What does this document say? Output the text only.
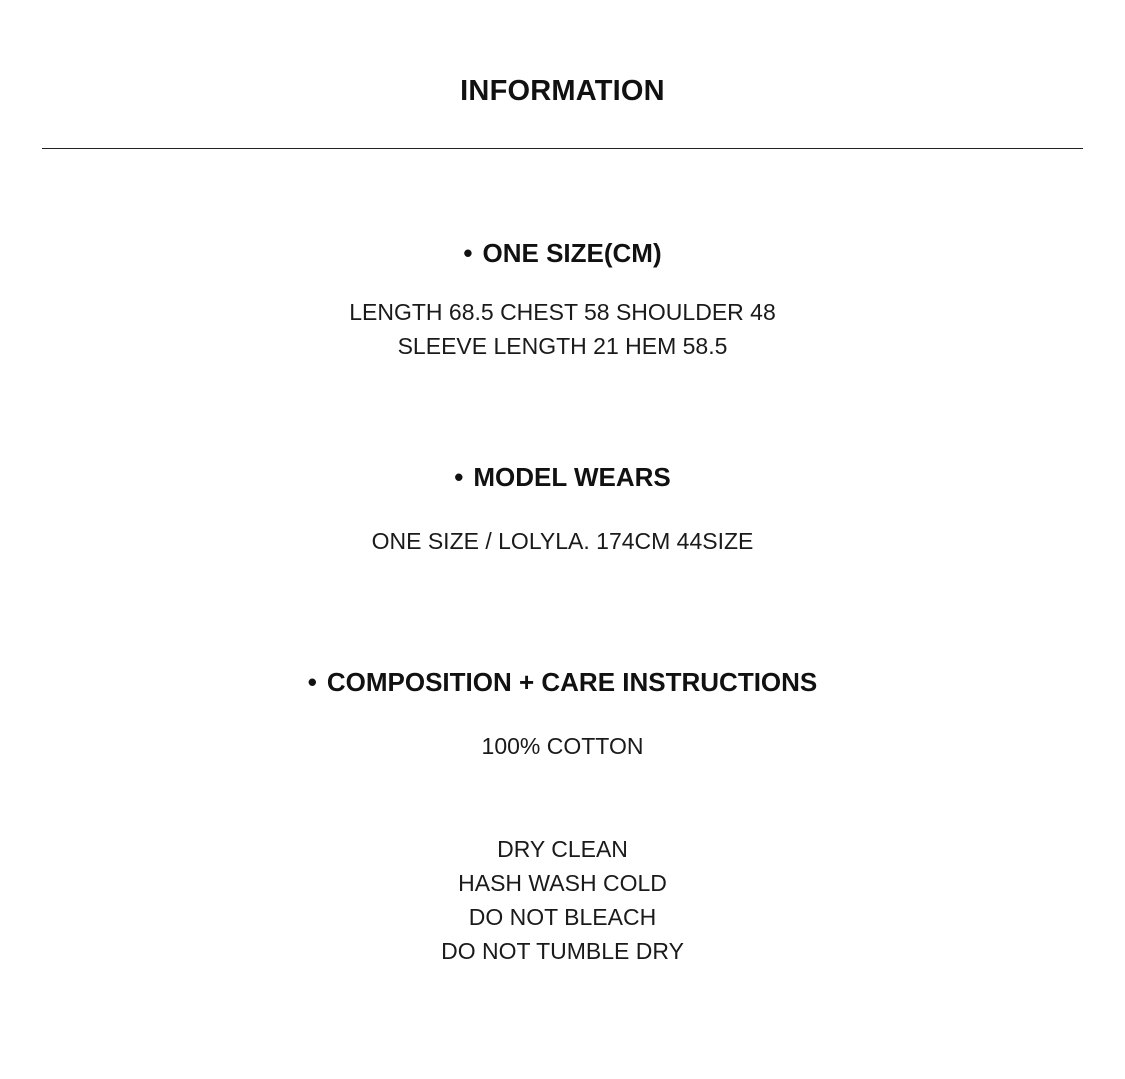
INFORMATION
• ONE SIZE(CM)
LENGTH 68.5 CHEST 58 SHOULDER 48
SLEEVE LENGTH 21 HEM 58.5
• MODEL WEARS
ONE SIZE / LOLYLA. 174CM 44SIZE
• COMPOSITION + CARE INSTRUCTIONS
100% COTTON
DRY CLEAN
HASH WASH COLD
DO NOT BLEACH
DO NOT TUMBLE DRY
